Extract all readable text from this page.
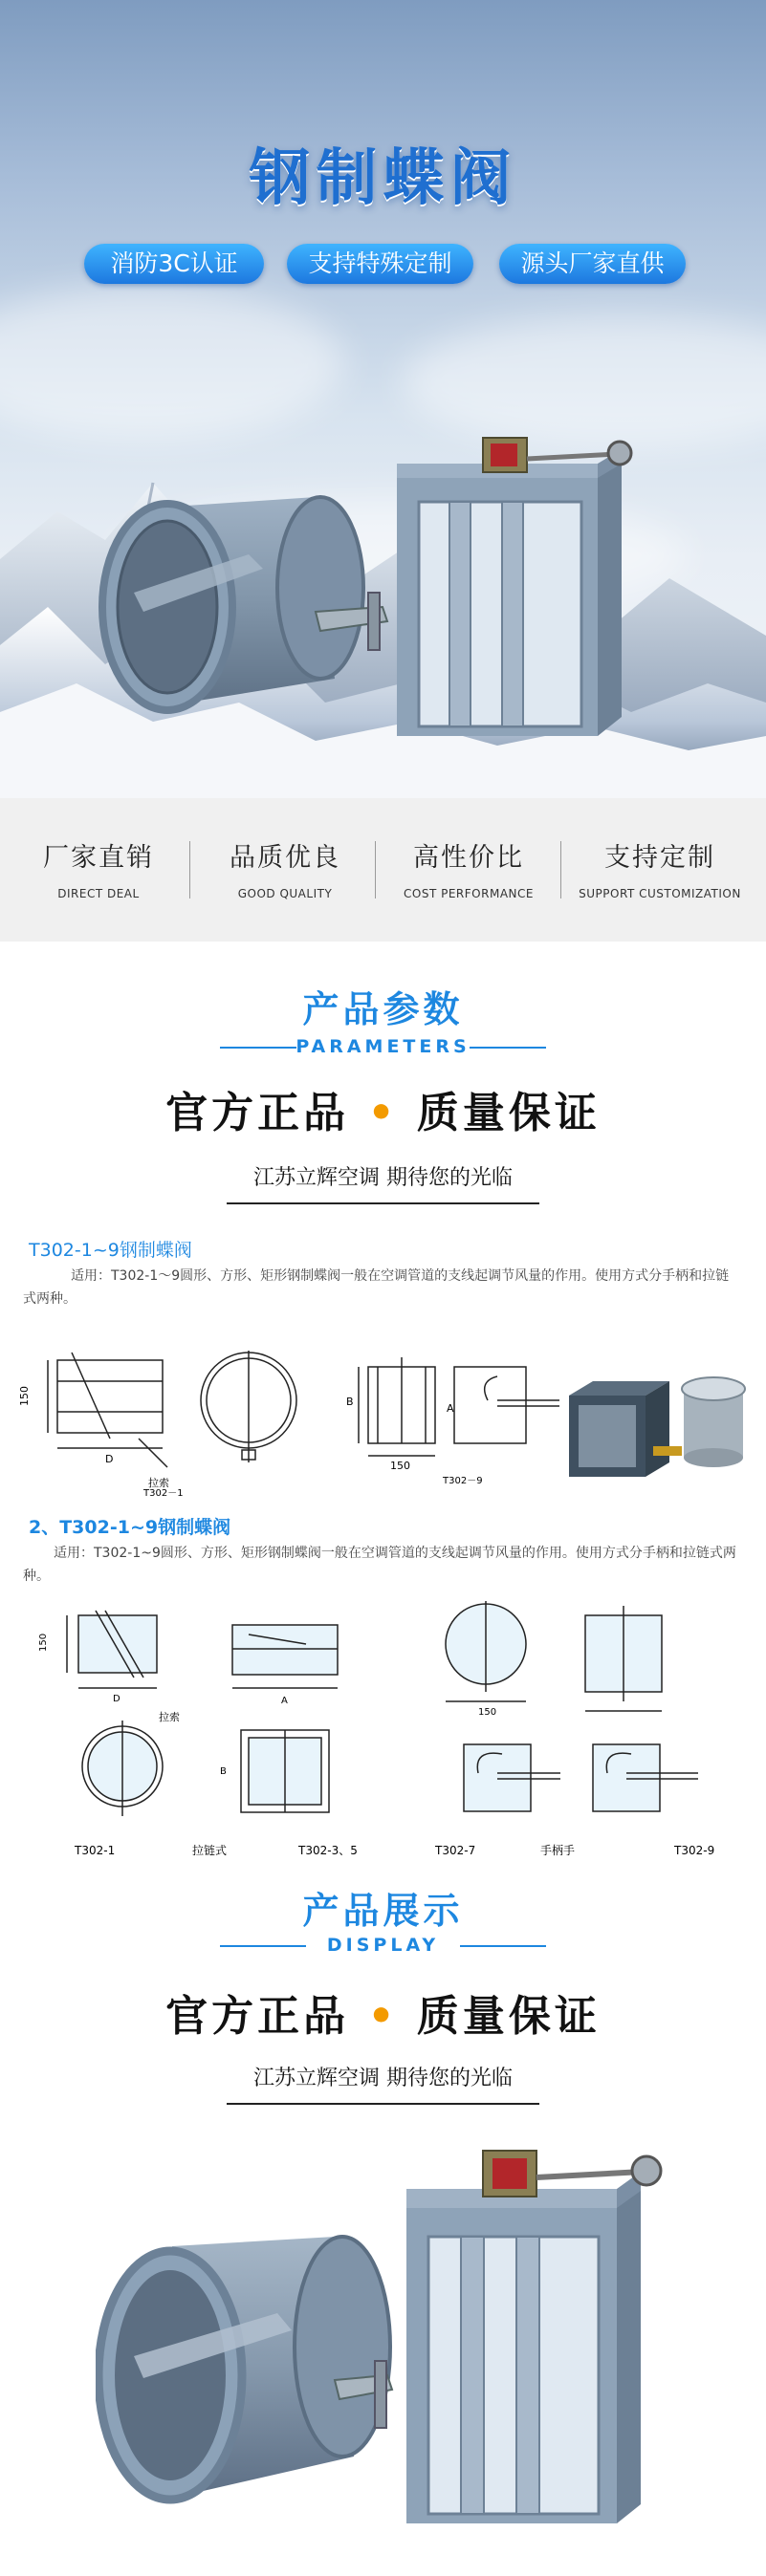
钢制蝶阀
消防3C认证	支持特殊定制	源头厂家直供
厂家直销
DIRECT DEAL
品质优良
GOOD QUALITY
高性价比
COST PERFORMANCE
支持定制
SUPPORT CUSTOMIZATION
产品参数
PARAMETERS
官方正品 • 质量保证
江苏立辉空调 期待您的光临
T302-1~9钢制蝶阀
适用：T302-1～9圆形、方形、矩形钢制蝶阀一般在空调管道的支线起调节风量的作用。使用方式分手柄和拉链式两种。
150
D
拉索
T302－1
B
150
A
T302－9
2、T302-1~9钢制蝶阀
适用：T302-1~9圆形、方形、矩形钢制蝶阀一般在空调管道的支线起调节风量的作用。使用方式分手柄和拉链式两种。
150
D	A
B
拉索	150
T302-1	拉链式	T302-3、5	T302-7	手柄手	T302-9
产品展示
DISPLAY
官方正品 • 质量保证
江苏立辉空调 期待您的光临
